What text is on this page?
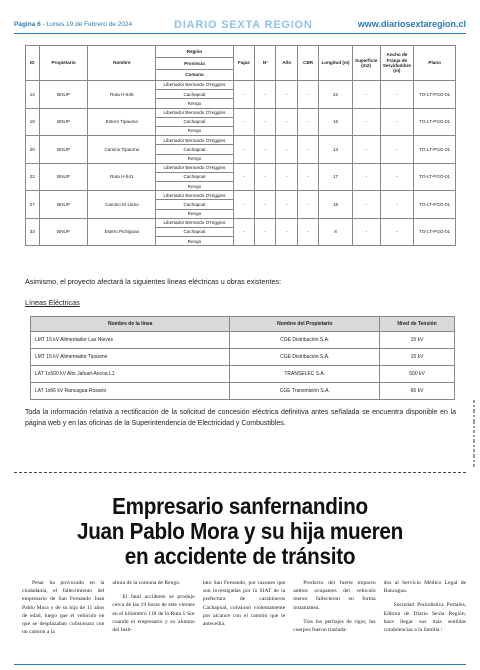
Página 6 - Lunes 19 de Febrero de 2024	DIARIO SEXTA REGION	www.diariosextaregion.cl
ID	Propietario	Nombre	Región	Fajas	N°	Año	CBR	Longitud (m)	Superficie (m2)	Ancho de Franja de Servidumbre (m)	Plano
			Provincia								
			Comuna								
14	BNUP	Ruta H-545	Libertador Bernardo O'Higgins	-	-	-	-	22	-	-	TO-LT-PGO-01
			Cachapoal								
			Rengo								
18	BNUP	Estero Tipaume	Libertador Bernardo O'Higgins	-	-	-	-	16	-	-	TO-LT-PGO-01
			Cachapoal								
			Rengo								
20	BNUP	Camino Tipaume	Libertador Bernardo O'Higgins	-	-	-	-	13	-	-	TO-LT-PGO-01
			Cachapoal								
			Rengo								
22	BNUP	Ruta H-541	Libertador Bernardo O'Higgins	-	-	-	-	17	-	-	TO-LT-PGO-01
			Cachapoal								
			Rengo								
27	BNUP	Camino El Llano	Libertador Bernardo O'Higgins	-	-	-	-	18	-	-	TO-LT-PGO-01
			Cachapoal								
			Rengo								
33	BNUP	Estero Pichiguao	Libertador Bernardo O'Higgins	-	-	-	-	8	-	-	TO-LT-PGO-01
			Cachapoal								
			Rengo								
Asimismo, el proyecto afectará la siguientes líneas eléctricas u obras existentes:
Líneas Eléctricas
Nombre de la línea	Nombre del Propietario	Nivel de Tensión
LMT 15 kV Alimentador Las Nieves	CGE Distribución S.A.	15 kV
LMT 15 kV Alimentador Tipaume	CGE Distribución S.A.	15 kV
LAT 1x500 kV Alto Jahuel-Ancoa L1	TRANSELEC S.A.	500 kV
LAT 1x66 kV Rancagua-Rosario	CGE Transmisión S.A.	66 kV
Toda la información relativa a rectificación de la solicitud de concesión eléctrica definitiva antes señalada se encuentra disponible en la página web y en las oficinas de la Superintendencia de Electricidad y Combustibles.
Empresario sanfernandino
Juan Pablo Mora y su hija mueren
en accidente de tránsito

Pesar ha provocado en la ciudadanía, el fallecimiento del empresario de San Fernando Juan Pablo Mora y de su hija de 11 años de edad, luego que el vehículo en que se desplazaban colisionara con un camión a la

altura de la comuna de Rengo.

El fatal accidente se produjo cerca de las 19 horas de este viernes en el kilómetro 118 de la Ruta 5 Sur cuando el empresario y ex alumno del Insti-

tuto San Fernando, por razones que son investigadas por la SIAT de la prefectura de carabineros Cachapoal, colisionó violentamente por alcance con el camión que le antecedía.

Producto del fuerte impacto ambos ocupantes del vehículo menor fallecieron en forma instantánea.

Tras los peritajes de rigor, los cuerpos fueron traslada-

dos al Servicio Médico Legal de Rancagua.

Sociedad Periodística Portales, Editora de Diario Sexta Región, hace llegar sus más sentidas condolencias a la familia /
